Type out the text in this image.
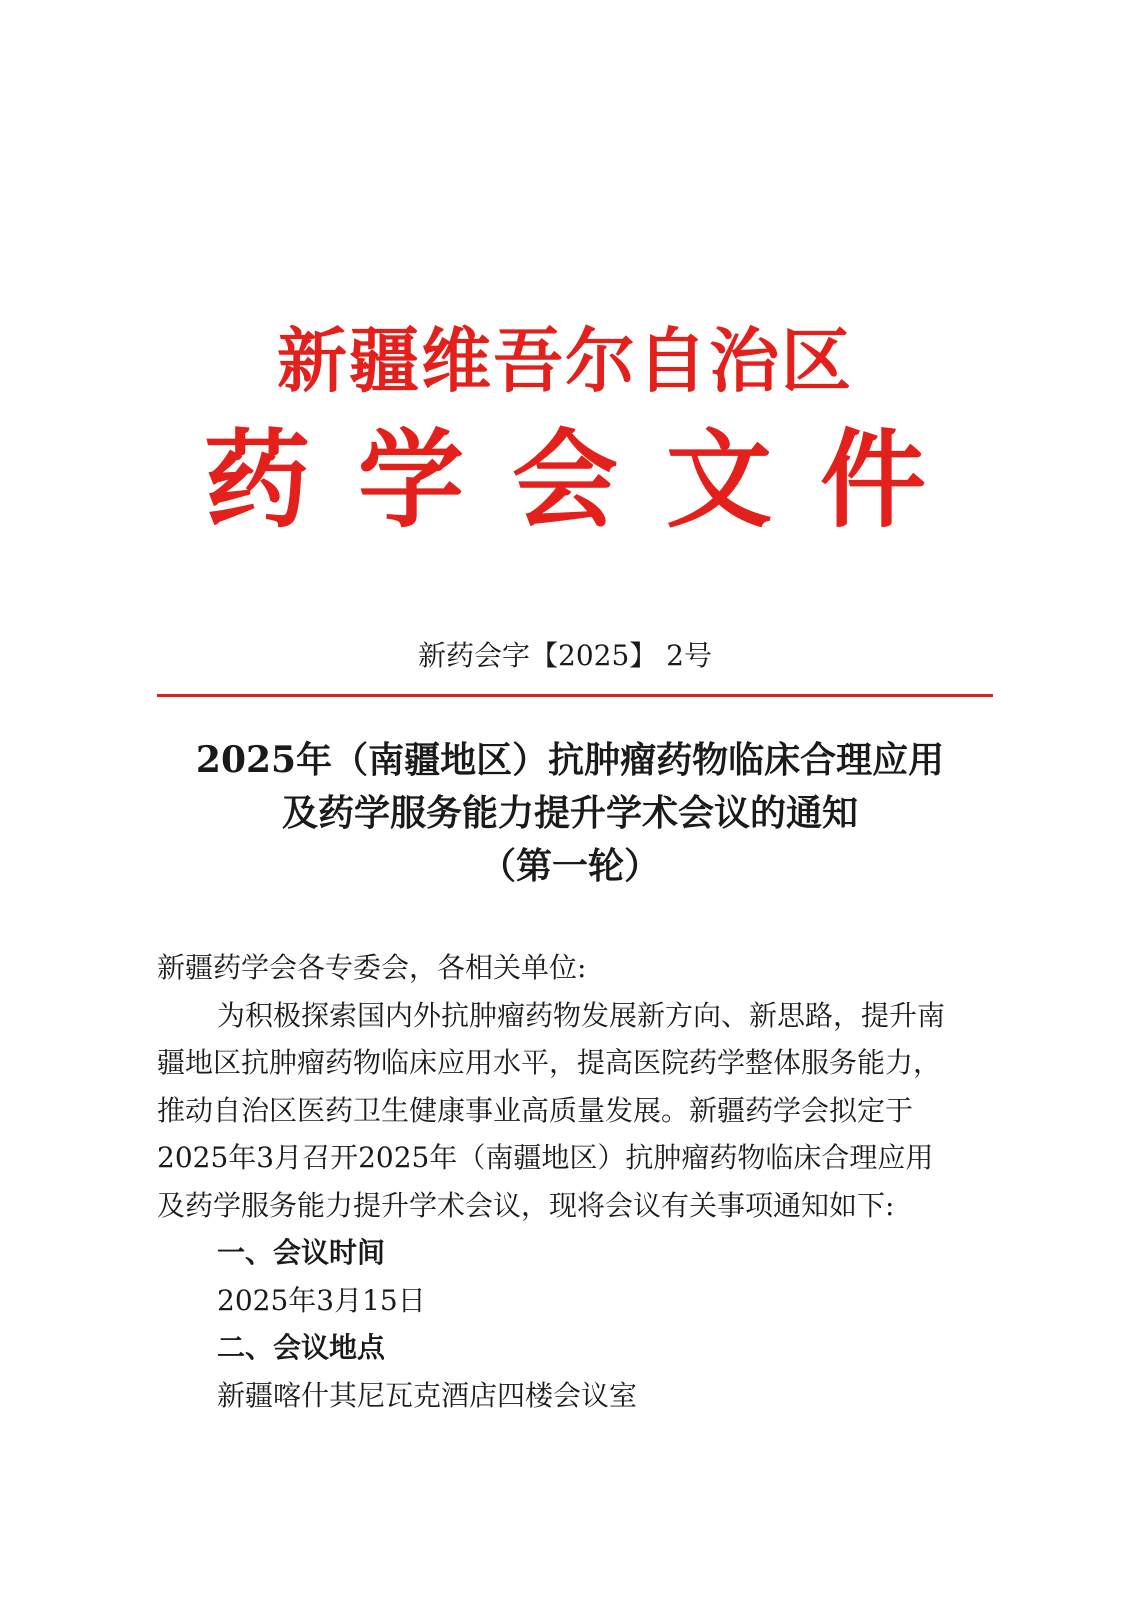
新疆维吾尔自治区
药学会文件
新药会字【2025】 2号
2025年（南疆地区）抗肿瘤药物临床合理应用
及药学服务能力提升学术会议的通知
（第一轮）

新疆药学会各专委会，各相关单位:

为积极探索国内外抗肿瘤药物发展新方向、新思路，提升南

疆地区抗肿瘤药物临床应用水平，提高医院药学整体服务能力，

推动自治区医药卫生健康事业高质量发展。新疆药学会拟定于

2025年3月召开2025年（南疆地区）抗肿瘤药物临床合理应用

及药学服务能力提升学术会议，现将会议有关事项通知如下:

一、会议时间

2025年3月15日

二、会议地点

新疆喀什其尼瓦克酒店四楼会议室
